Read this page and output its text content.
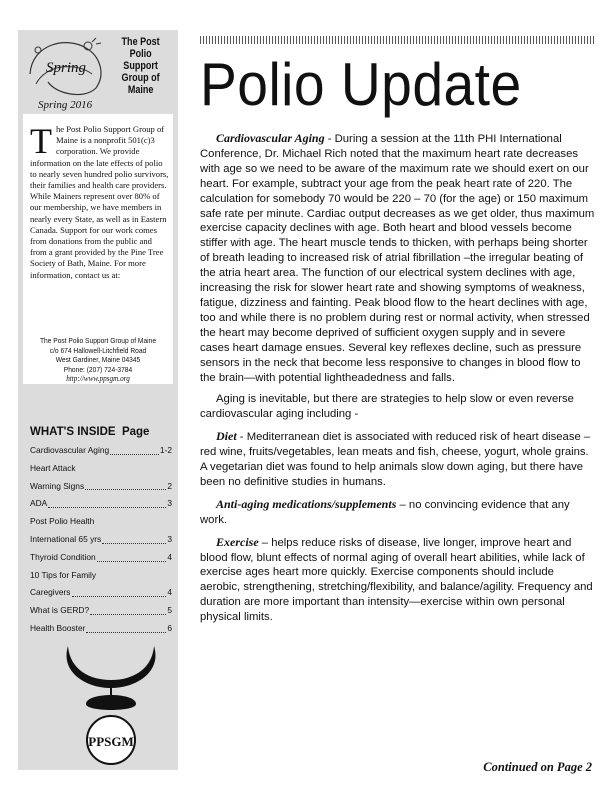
Spring
The Post
Polio
Support
Group of
Maine
Spring 2016
The Post Polio Support Group of Maine is a nonprofit 501(c)3 corporation. We provide information on the late effects of polio to nearly seven hundred polio survivors, their families and health care providers. While Mainers represent over 80% of our membership, we have members in nearly every State, as well as in Eastern Canada. Support for our work comes from donations from the public and from a grant provided by the Pine Tree Society of Bath, Maine. For more information, contact us at:
The Post Polio Support Group of Maine
c/o 674 Hallowell-Litchfield Road
West Gardiner, Maine 04345
Phone: (207) 724-3784
http://www.ppsgm.org
WHAT'S INSIDE Page
Cardiovascular Aging	1-2
Heart Attack
Warning Signs	2
ADA	3
Post Polio Health
International 65 yrs	3
Thyroid Condition	4
10 Tips for Family
Caregivers	4
What is GERD?	5
Health Booster	6
PPSGM
Polio Update

Cardiovascular Aging - During a session at the 11th PHI International Conference, Dr. Michael Rich noted that the maximum heart rate decreases with age so we need to be aware of the maximum rate we should exert on our heart. For example, subtract your age from the peak heart rate of 220. The calculation for somebody 70 would be 220 – 70 (for the age) or 150 maximum safe rate per minute. Cardiac output decreases as we get older, thus maximum exercise capacity declines with age. Both heart and blood vessels become stiffer with age. The heart muscle tends to thicken, with perhaps being shorter of breath leading to increased risk of atrial fibrillation –the irregular beating of the atria heart area. The function of our electrical system declines with age, increasing the risk for slower heart rate and showing symptoms of weakness, fatigue, dizziness and fainting. Peak blood flow to the heart declines with age, too and while there is no problem during rest or normal activity, when stressed the heart may become deprived of sufficient oxygen supply and in severe cases heart damage ensues. Several key reflexes decline, such as pressure sensors in the neck that become less responsive to changes in blood flow to the brain—with potential lightheadedness and falls.

Aging is inevitable, but there are strategies to help slow or even reverse cardiovascular aging including -

Diet - Mediterranean diet is associated with reduced risk of heart disease – red wine, fruits/vegetables, lean meats and fish, cheese, yogurt, whole grains. A vegetarian diet was found to help animals slow down aging, but there have been no definitive studies in humans.

Anti-aging medications/supplements – no convincing evidence that any work.

Exercise – helps reduce risks of disease, live longer, improve heart and blood flow, blunt effects of normal aging of overall heart abilities, while lack of exercise ages heart more quickly. Exercise components should include aerobic, strengthening, stretching/flexibility, and balance/agility. Frequency and duration are more important than intensity—exercise within own personal physical limits.

Continued on Page 2
